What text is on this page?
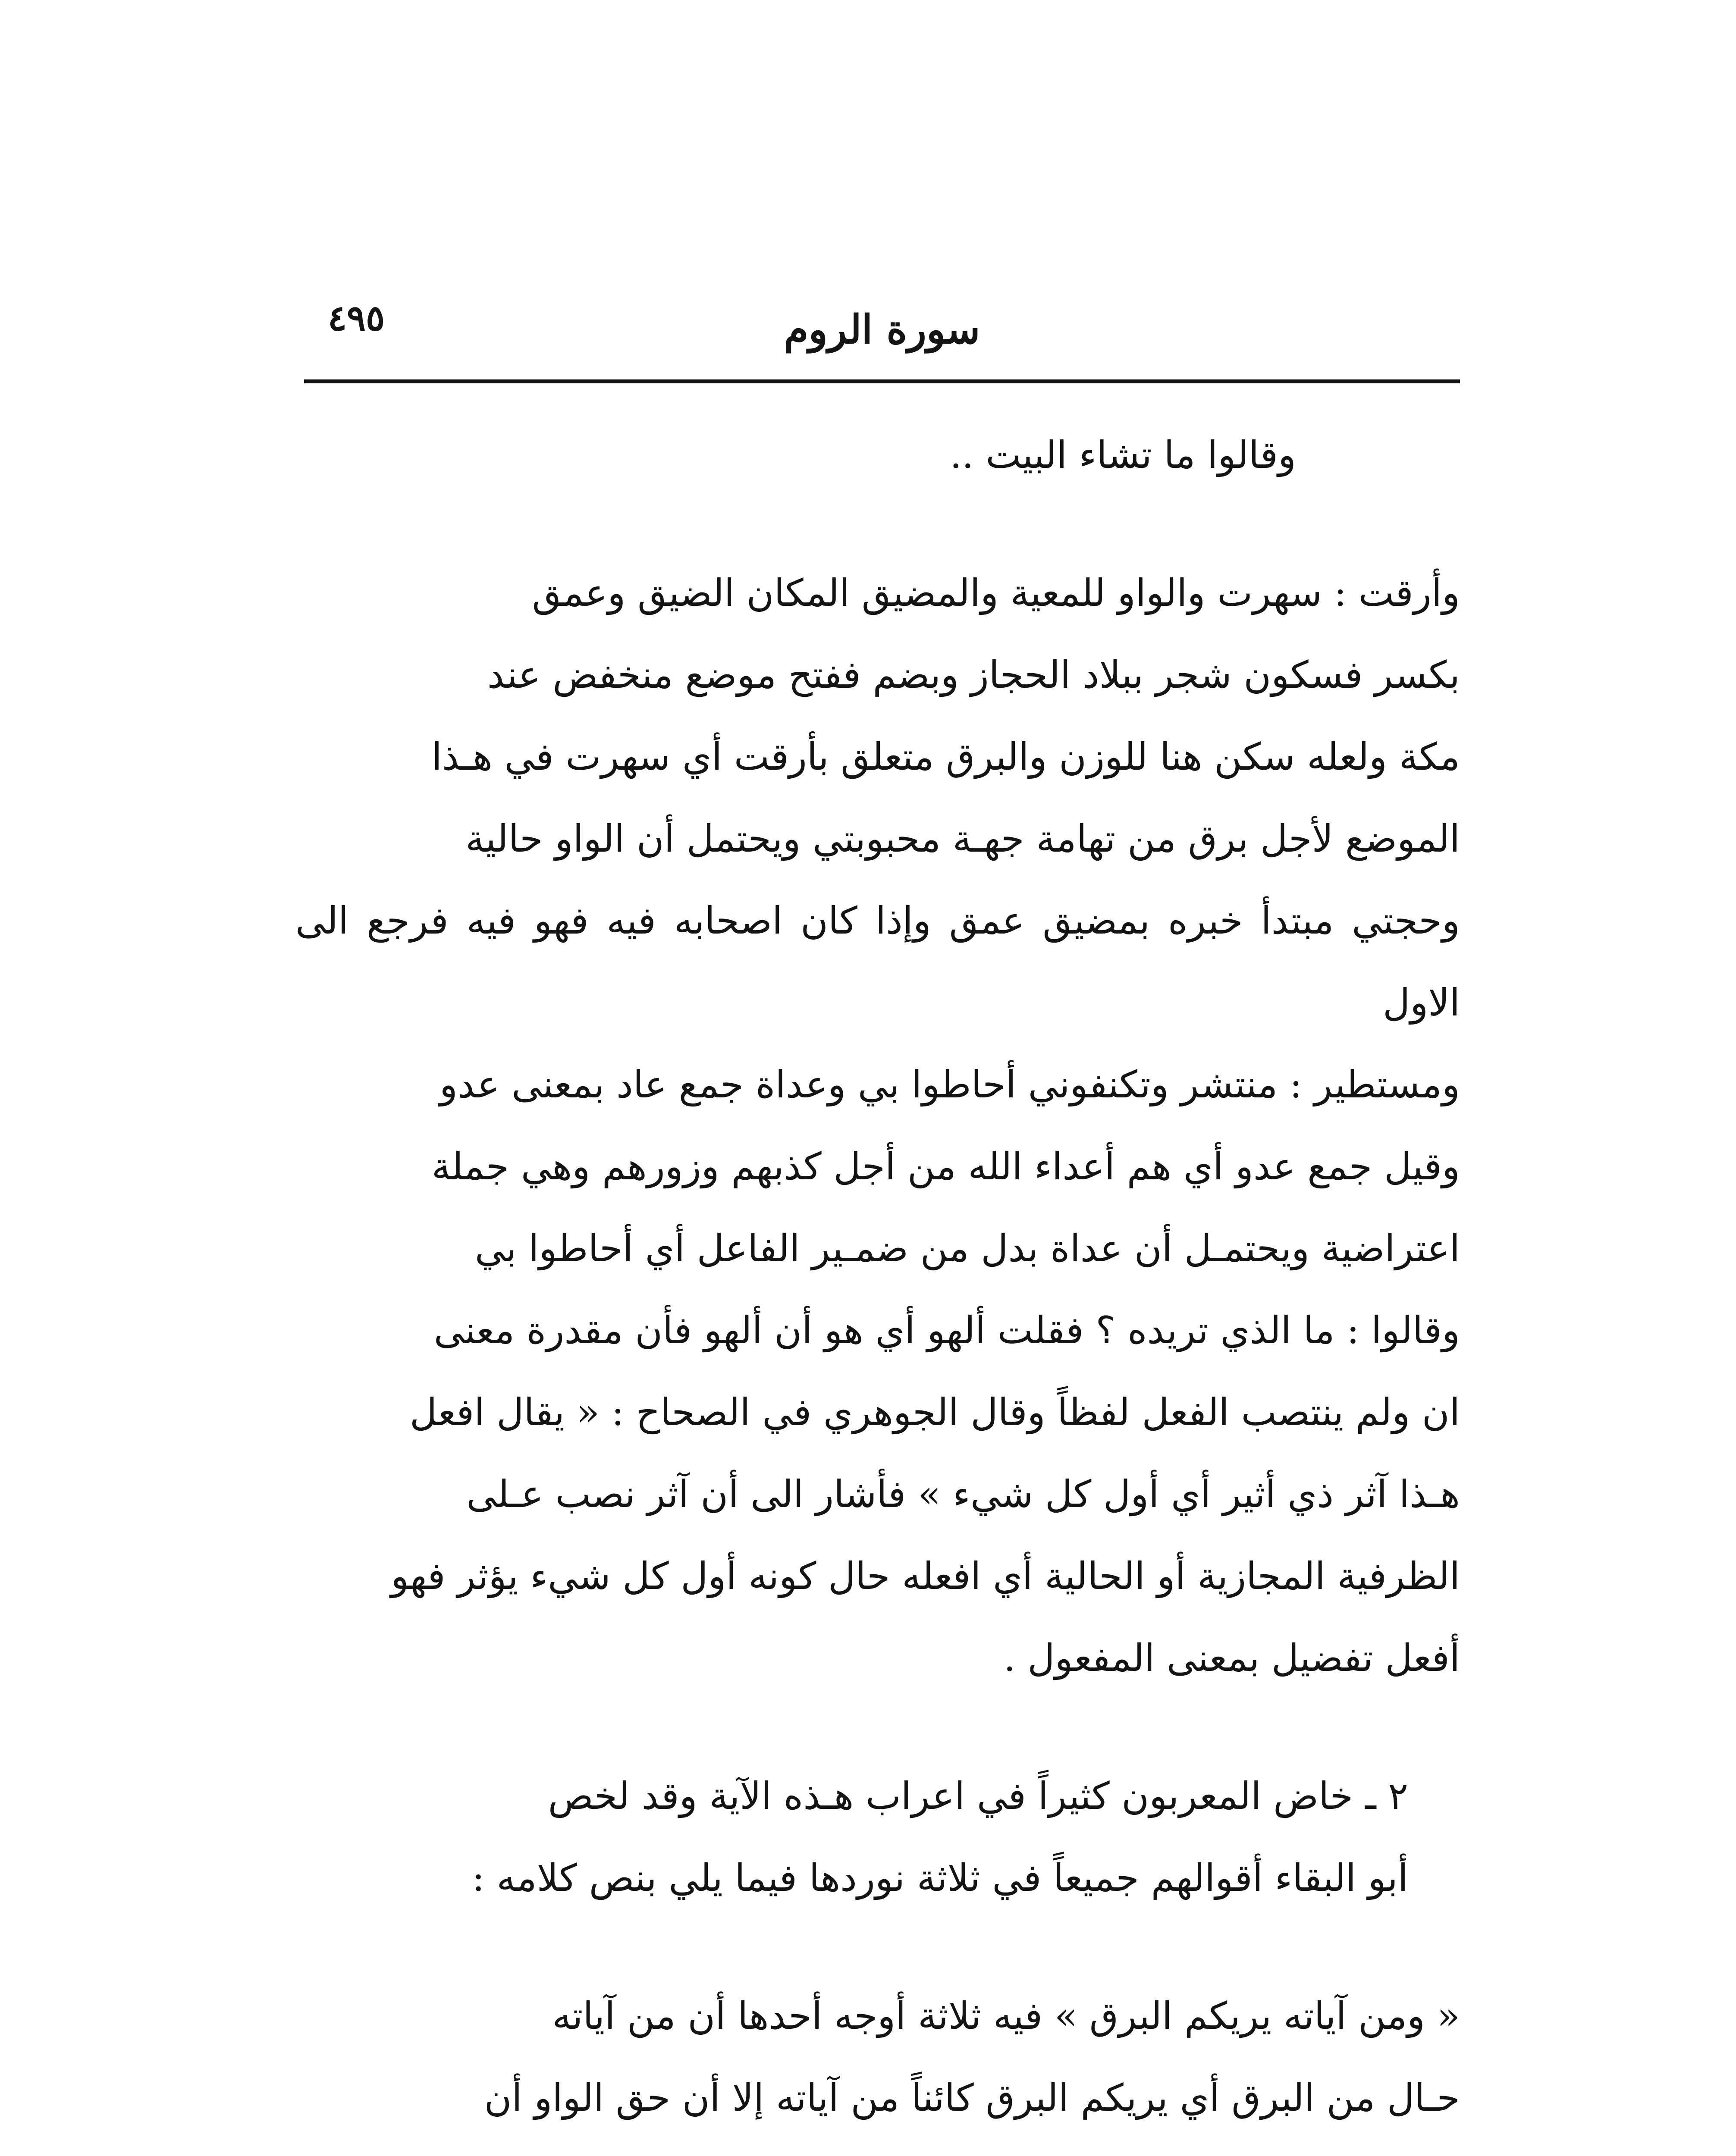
٤٩٥	سورة الروم

وقالوا ما تشاء البيت ..

وأرقت : سهرت والواو للمعية والمضيق المكان الضيق وعمق
بكسر فسكون شجر ببلاد الحجاز وبضم ففتح موضع منخفض عند
مكة ولعله سكن هنا للوزن والبرق متعلق بأرقت أي سهرت في هـذا
الموضع لأجل برق من تهامة جهـة محبوبتي ويحتمل أن الواو حالية
وحجتي مبتدأ خبره بمضيق عمق وإذا كان اصحابه فيه فهو فيه فرجع الى الاول
ومستطير : منتشر وتكنفوني أحاطوا بي وعداة جمع عاد بمعنى عدو
وقيل جمع عدو أي هم أعداء الله من أجل كذبهم وزورهم وهي جملة
اعتراضية ويحتمـل أن عداة بدل من ضمـير الفاعل أي أحاطوا بي
وقالوا : ما الذي تريده ؟ فقلت ألهو أي هو أن ألهو فأن مقدرة معنى
ان ولم ينتصب الفعل لفظاً وقال الجوهري في الصحاح : « يقال افعل
هـذا آثر ذي أثير أي أول كل شيء » فأشار الى أن آثر نصب عـلى
الظرفية المجازية أو الحالية أي افعله حال كونه أول كل شيء يؤثر فهو
أفعل تفضيل بمعنى المفعول .

٢ ـ خاض المعربون كثيراً في اعراب هـذه الآية وقد لخص
أبو البقاء أقوالهم جميعاً في ثلاثة نوردها فيما يلي بنص كلامه :

« ومن آياته يريكم البرق » فيه ثلاثة أوجه أحدها أن من آياته
حـال من البرق أي يريكم البرق كائناً من آياته إلا أن حق الواو أن
